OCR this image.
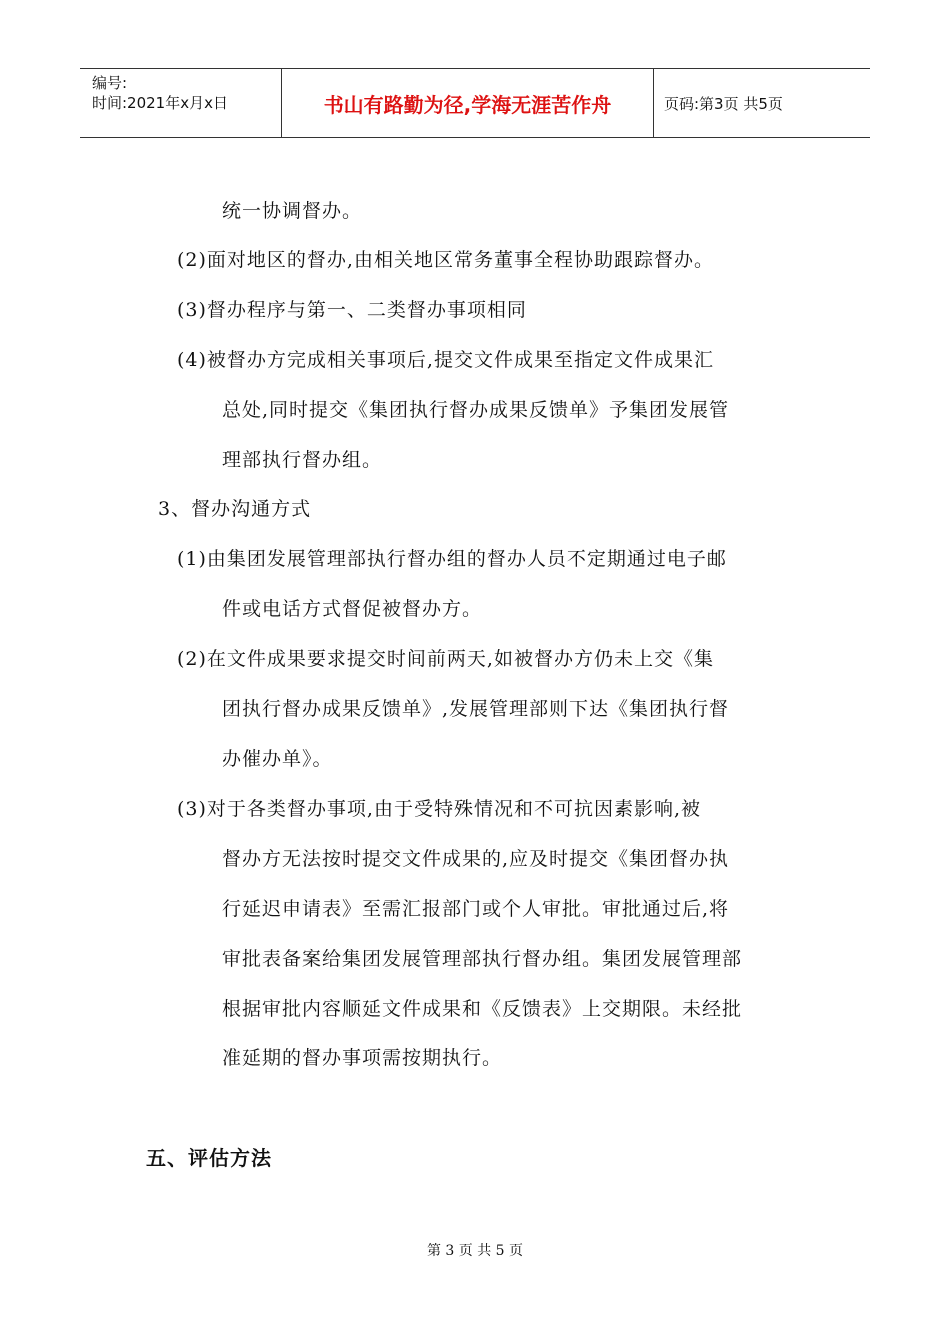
编号:
时间:2021年x月x日	书山有路勤为径,学海无涯苦作舟	页码:第3页 共5页
统一协调督办。
(2)面对地区的督办,由相关地区常务董事全程协助跟踪督办。
(3)督办程序与第一、二类督办事项相同
(4)被督办方完成相关事项后,提交文件成果至指定文件成果汇
总处,同时提交《集团执行督办成果反馈单》予集团发展管
理部执行督办组。
3、督办沟通方式
(1)由集团发展管理部执行督办组的督办人员不定期通过电子邮
件或电话方式督促被督办方。
(2)在文件成果要求提交时间前两天,如被督办方仍未上交《集
团执行督办成果反馈单》,发展管理部则下达《集团执行督
办催办单》。
(3)对于各类督办事项,由于受特殊情况和不可抗因素影响,被
督办方无法按时提交文件成果的,应及时提交《集团督办执
行延迟申请表》至需汇报部门或个人审批。审批通过后,将
审批表备案给集团发展管理部执行督办组。集团发展管理部
根据审批内容顺延文件成果和《反馈表》上交期限。未经批
准延期的督办事项需按期执行。
五、评估方法
第 3 页 共 5 页
